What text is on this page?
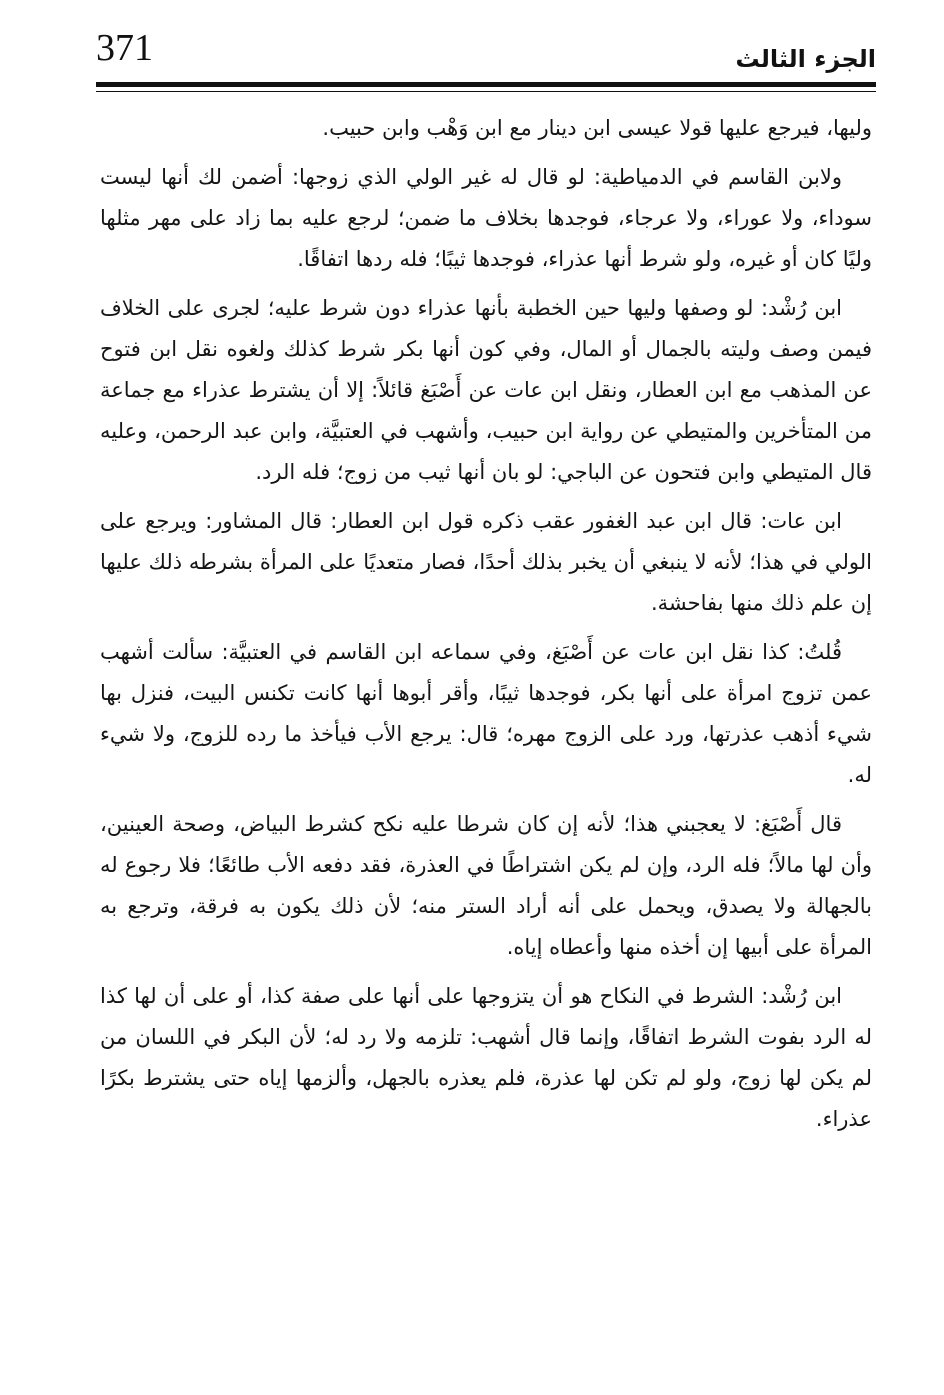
371	الجزء الثالث

وليها، فيرجع عليها قولا عيسى ابن دينار مع ابن وَهْب وابن حبيب.

ولابن القاسم في الدمياطية: لو قال له غير الولي الذي زوجها: أضمن لك أنها ليست سوداء، ولا عوراء، ولا عرجاء، فوجدها بخلاف ما ضمن؛ لرجع عليه بما زاد على مهر مثلها وليًا كان أو غيره، ولو شرط أنها عذراء، فوجدها ثيبًا؛ فله ردها اتفاقًا.

ابن رُشْد: لو وصفها وليها حين الخطبة بأنها عذراء دون شرط عليه؛ لجرى على الخلاف فيمن وصف وليته بالجمال أو المال، وفي كون أنها بكر شرط كذلك ولغوه نقل ابن فتوح عن المذهب مع ابن العطار، ونقل ابن عات عن أَصْبَغ قائلاً: إلا أن يشترط عذراء مع جماعة من المتأخرين والمتيطي عن رواية ابن حبيب، وأشهب في العتبيَّة، وابن عبد الرحمن، وعليه قال المتيطي وابن فتحون عن الباجي: لو بان أنها ثيب من زوج؛ فله الرد.

ابن عات: قال ابن عبد الغفور عقب ذكره قول ابن العطار: قال المشاور: ويرجع على الولي في هذا؛ لأنه لا ينبغي أن يخبر بذلك أحدًا، فصار متعديًا على المرأة بشرطه ذلك عليها إن علم ذلك منها بفاحشة.

قُلتُ: كذا نقل ابن عات عن أَصْبَغ، وفي سماعه ابن القاسم في العتبيَّة: سألت أشهب عمن تزوج امرأة على أنها بكر، فوجدها ثيبًا، وأقر أبوها أنها كانت تكنس البيت، فنزل بها شيء أذهب عذرتها، ورد على الزوج مهره؛ قال: يرجع الأب فيأخذ ما رده للزوج، ولا شيء له.

قال أَصْبَغ: لا يعجبني هذا؛ لأنه إن كان شرطا عليه نكح كشرط البياض، وصحة العينين، وأن لها مالاً؛ فله الرد، وإن لم يكن اشتراطًا في العذرة، فقد دفعه الأب طائعًا؛ فلا رجوع له بالجهالة ولا يصدق، ويحمل على أنه أراد الستر منه؛ لأن ذلك يكون به فرقة، وترجع به المرأة على أبيها إن أخذه منها وأعطاه إياه.

ابن رُشْد: الشرط في النكاح هو أن يتزوجها على أنها على صفة كذا، أو على أن لها كذا له الرد بفوت الشرط اتفاقًا، وإنما قال أشهب: تلزمه ولا رد له؛ لأن البكر في اللسان من لم يكن لها زوج، ولو لم تكن لها عذرة، فلم يعذره بالجهل، وألزمها إياه حتى يشترط بكرًا عذراء.
